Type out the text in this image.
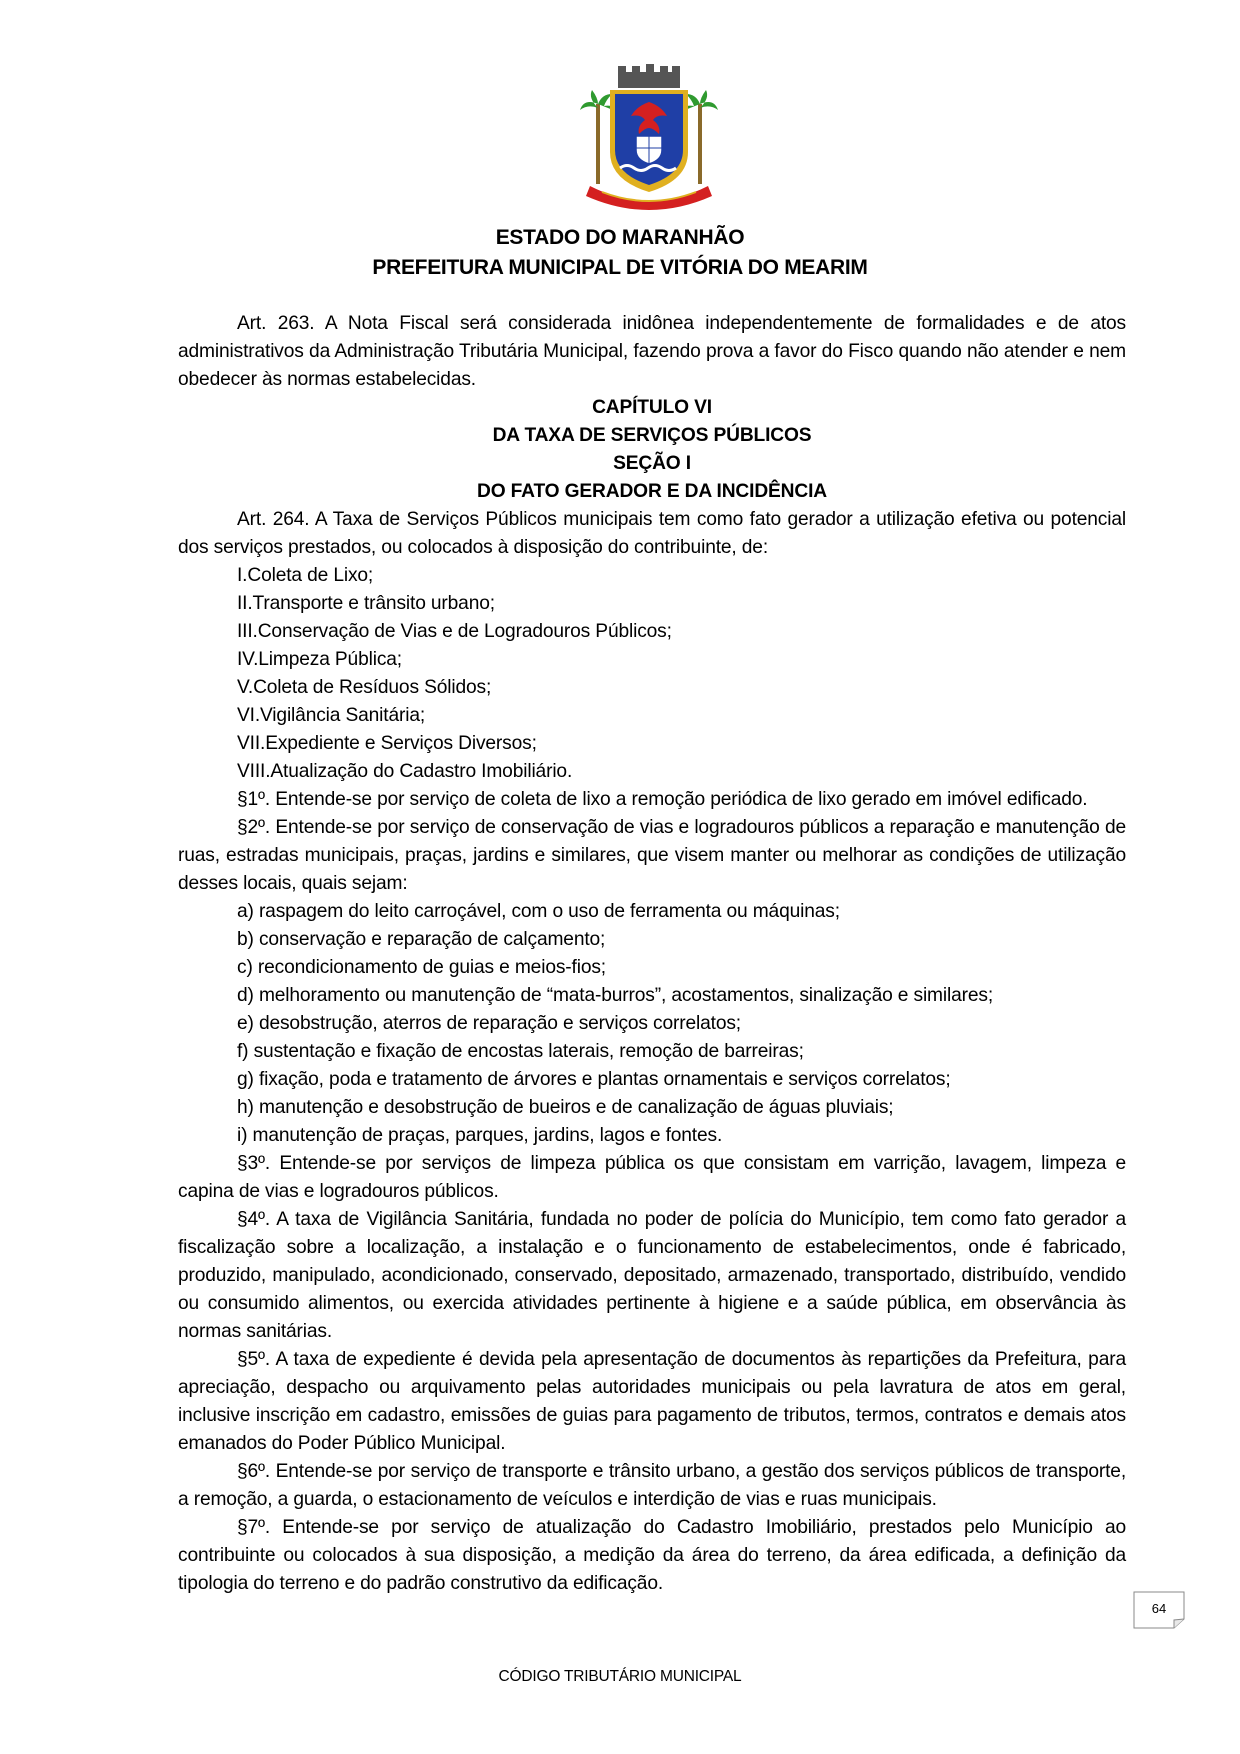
ESTADO DO MARANHÃO
PREFEITURA MUNICIPAL DE VITÓRIA DO MEARIM

Art. 263. A Nota Fiscal será considerada inidônea independentemente de formalidades e de atos administrativos da Administração Tributária Municipal, fazendo prova a favor do Fisco quando não atender e nem obedecer às normas estabelecidas.

CAPÍTULO VI

DA TAXA DE SERVIÇOS PÚBLICOS

SEÇÃO I

DO FATO GERADOR E DA INCIDÊNCIA

Art. 264. A Taxa de Serviços Públicos municipais tem como fato gerador a utilização efetiva ou potencial dos serviços prestados, ou colocados à disposição do contribuinte, de:

I.Coleta de Lixo;

II.Transporte e trânsito urbano;

III.Conservação de Vias e de Logradouros Públicos;

IV.Limpeza Pública;

V.Coleta de Resíduos Sólidos;

VI.Vigilância Sanitária;

VII.Expediente e Serviços Diversos;

VIII.Atualização do Cadastro Imobiliário.

§1º. Entende-se por serviço de coleta de lixo a remoção periódica de lixo gerado em imóvel edificado.

§2º. Entende-se por serviço de conservação de vias e logradouros públicos a reparação e manutenção de ruas, estradas municipais, praças, jardins e similares, que visem manter ou melhorar as condições de utilização desses locais, quais sejam:

a) raspagem do leito carroçável, com o uso de ferramenta ou máquinas;

b) conservação e reparação de calçamento;

c) recondicionamento de guias e meios-fios;

d) melhoramento ou manutenção de “mata-burros”, acostamentos, sinalização e similares;

e) desobstrução, aterros de reparação e serviços correlatos;

f) sustentação e fixação de encostas laterais, remoção de barreiras;

g) fixação, poda e tratamento de árvores e plantas ornamentais e serviços correlatos;

h) manutenção e desobstrução de bueiros e de canalização de águas pluviais;

i) manutenção de praças, parques, jardins, lagos e fontes.

§3º. Entende-se por serviços de limpeza pública os que consistam em varrição, lavagem, limpeza e capina de vias e logradouros públicos.

§4º. A taxa de Vigilância Sanitária, fundada no poder de polícia do Município, tem como fato gerador a fiscalização sobre a localização, a instalação e o funcionamento de estabelecimentos, onde é fabricado, produzido, manipulado, acondicionado, conservado, depositado, armazenado, transportado, distribuído, vendido ou consumido alimentos, ou exercida atividades pertinente à higiene e a saúde pública, em observância às normas sanitárias.

§5º. A taxa de expediente é devida pela apresentação de documentos às repartições da Prefeitura, para apreciação, despacho ou arquivamento pelas autoridades municipais ou pela lavratura de atos em geral, inclusive inscrição em cadastro, emissões de guias para pagamento de tributos, termos, contratos e demais atos emanados do Poder Público Municipal.

§6º. Entende-se por serviço de transporte e trânsito urbano, a gestão dos serviços públicos de transporte, a remoção, a guarda, o estacionamento de veículos e interdição de vias e ruas municipais.

§7º. Entende-se por serviço de atualização do Cadastro Imobiliário, prestados pelo Município ao contribuinte ou colocados à sua disposição, a medição da área do terreno, da área edificada, a definição da tipologia do terreno e do padrão construtivo da edificação.

64
CÓDIGO TRIBUTÁRIO MUNICIPAL
